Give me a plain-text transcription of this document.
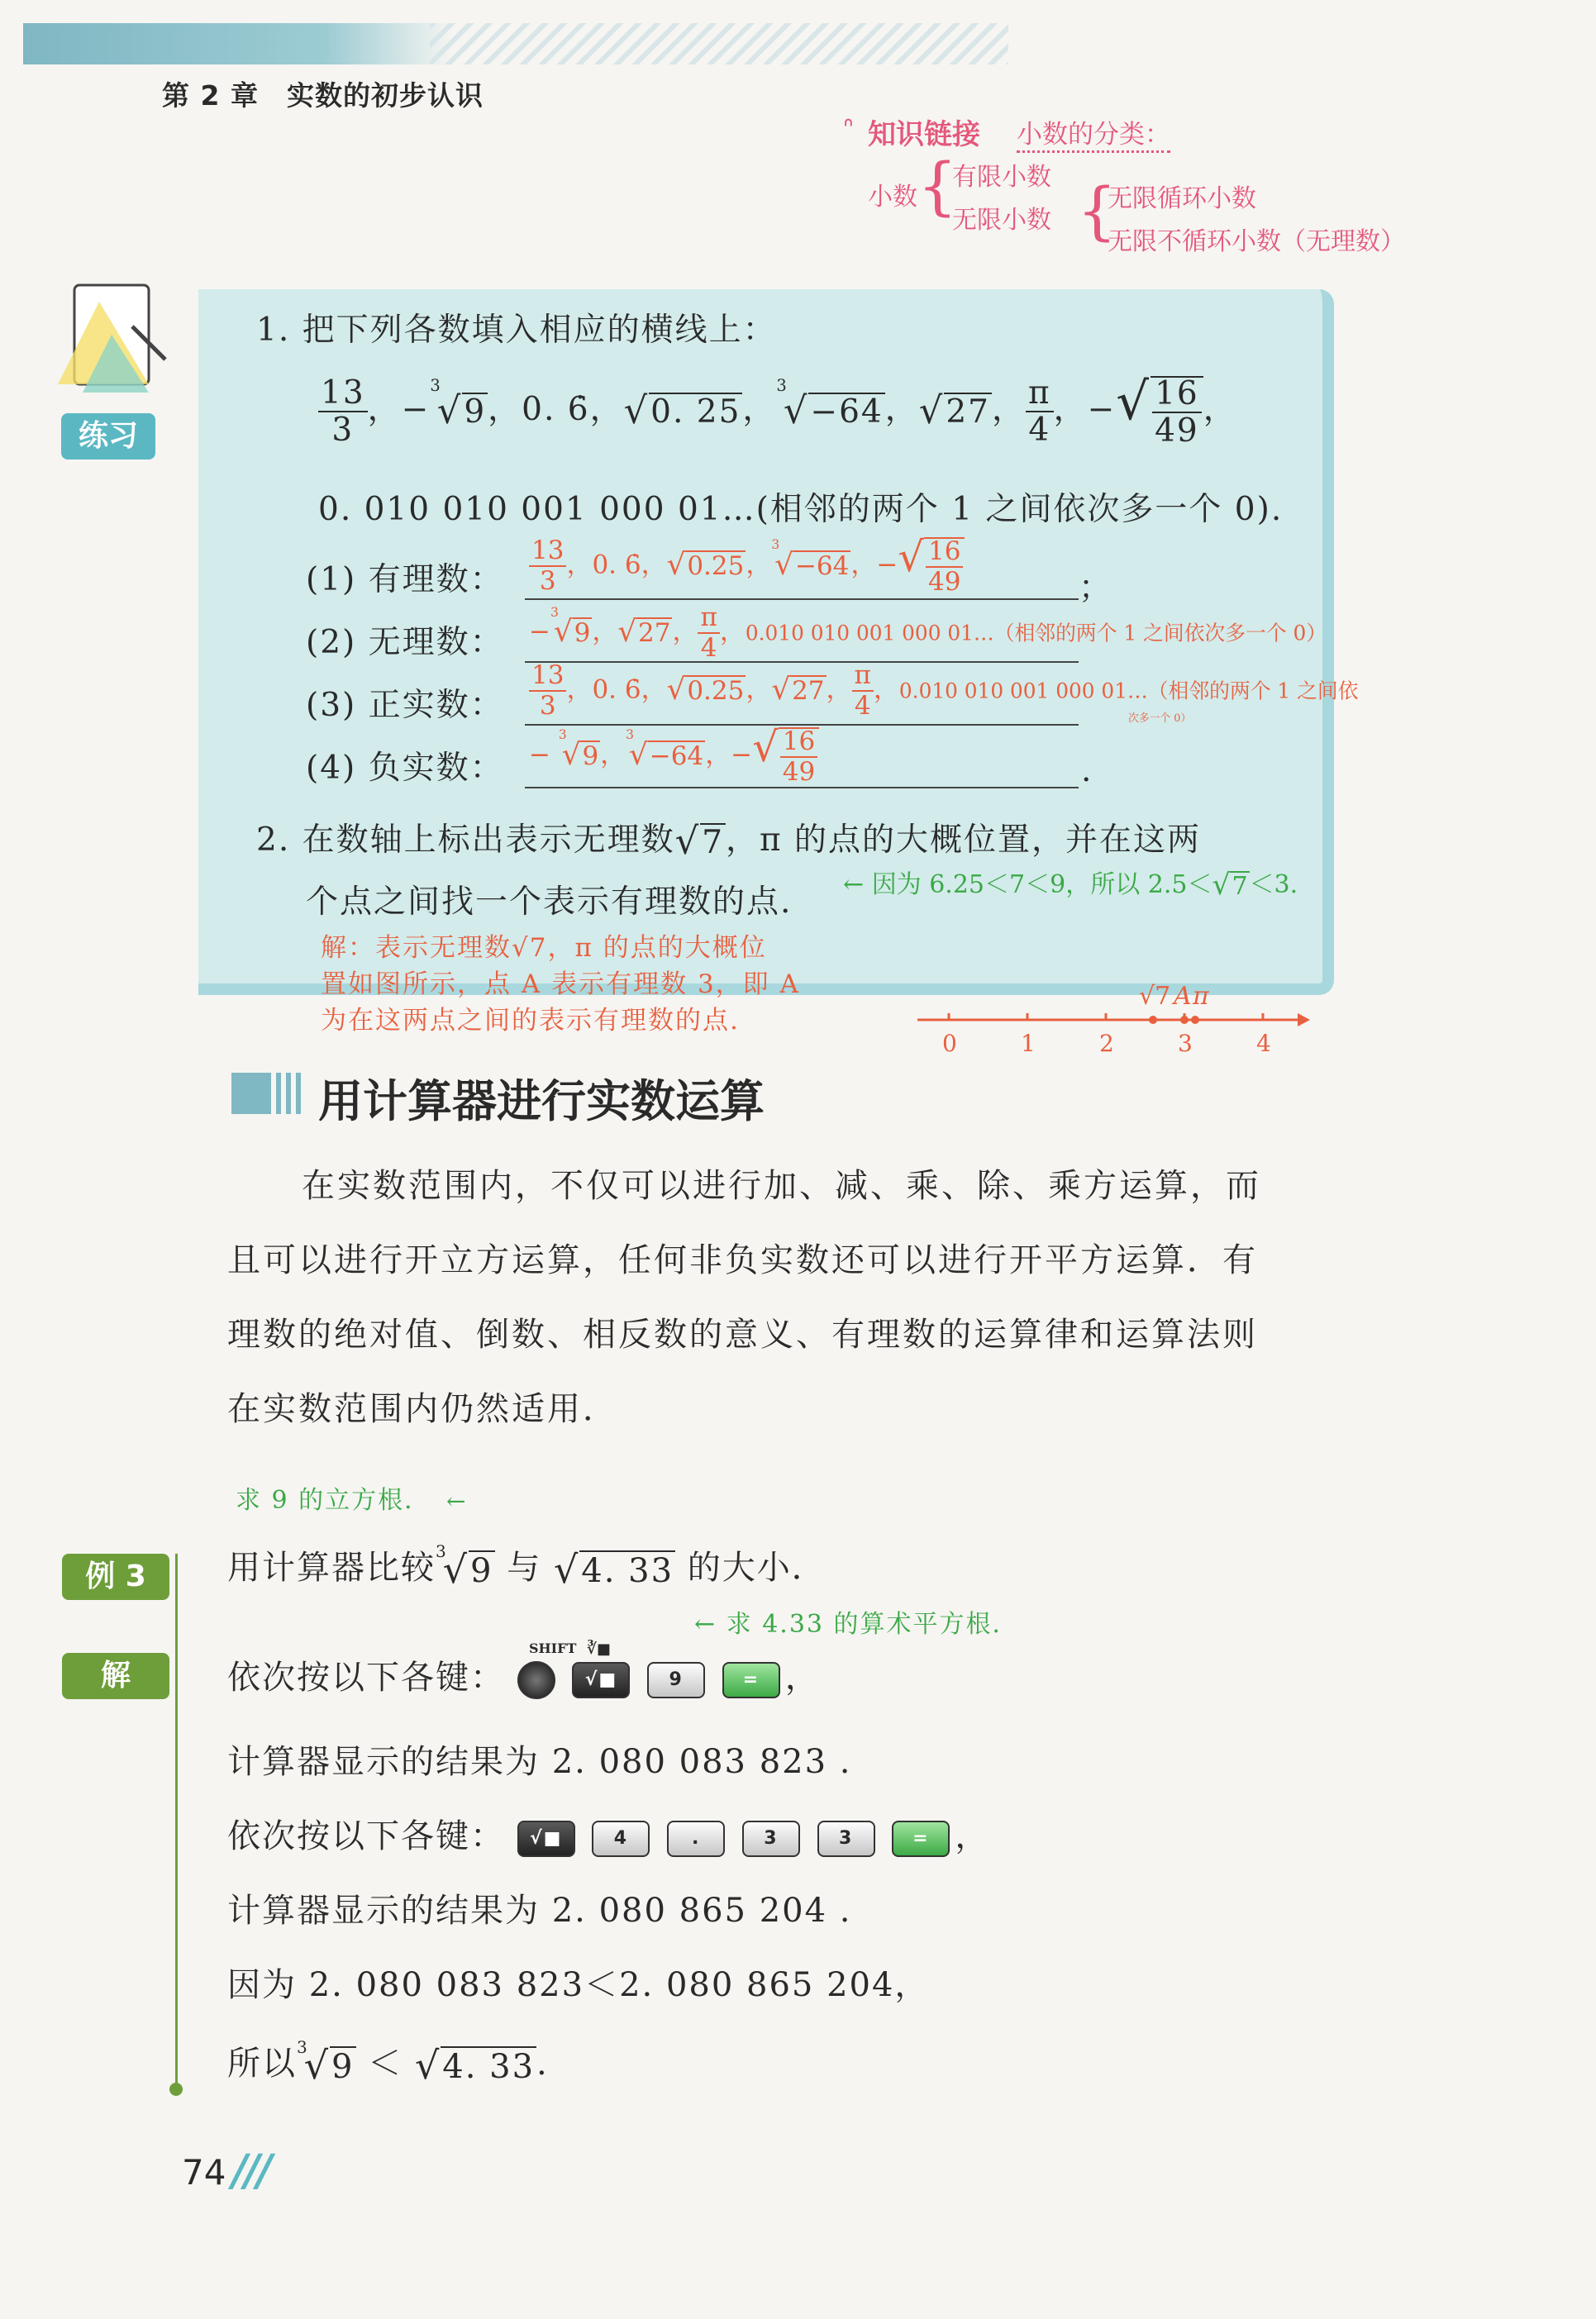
第 2 章　实数的初步认识
ᐢ 知识链接 小数的分类：
小数 {
有限小数
无限小数 {
无限循环小数
无限不循环小数（无理数）
练习
1. 把下列各数填入相应的横线上：
$\frac{13}{3}$ ，−$^3$
√ 9 ，0. 6̇， √ 0. 25 ，$^3$
√ −64 ， √ 27 ， $\frac{\pi}{4}$ ，− √ $\frac{16}{49}$ ，
0. 010 010 001 000 01…(相邻的两个 1 之间依次多一个 0).
(1) 有理数： $\frac{13}{3}$ ，0. 6̇， √ 0.25 ，$^3$
√ −64 ，− √ $\frac{16}{49}$	；
(2) 无理数： −$^3$
√ 9 ， √ 27 ， $\frac{\pi}{4}$ ，0.010 010 001 000 01…（相邻的两个 1 之间依次多一个 0）
(3) 正实数： $\frac{13}{3}$ ，0. 6̇， √ 0.25 ， √ 27 ， $\frac{\pi}{4}$ ，0.010 010 001 000 01…（相邻的两个 1 之间依
次多一个 0）
(4) 负实数： − $^3$
√ 9 ，$^3$
√ −64 ，− √ $\frac{16}{49}$	.
2. 在数轴上标出表示无理数 √ 7 ，π 的点的大概位置，并在这两
个点之间找一个表示有理数的点. ← 因为 6.25＜7＜9，所以 2.5＜ √ 7 ＜3.
解：表示无理数√7，π 的点的大概位
置如图所示，点 A 表示有理数 3，即 A
为在这两点之间的表示有理数的点.
√7 A π
0	1	2	3	4
用计算器进行实数运算
在实数范围内，不仅可以进行加、减、乘、除、乘方运算，而
且可以进行开立方运算，任何非负实数还可以进行开平方运算．有
理数的绝对值、倒数、相反数的意义、有理数的运算律和运算法则
在实数范围内仍然适用．
求 9 的立方根． ←
例 3
解
用计算器比较$^3$
√ 9 与 √ 4. 33 的大小．
← 求 4.33 的算术平方根．
SHIFT ∛■
依次按以下各键：	√■	9	= ，
计算器显示的结果为 2. 080 083 823 .
依次按以下各键： √■	4	.	3	3	= ，
计算器显示的结果为 2. 080 865 204 .
因为 2. 080 083 823＜2. 080 865 204，
所以$^3$
√ 9 ＜ √ 4. 33 .
74 ///
